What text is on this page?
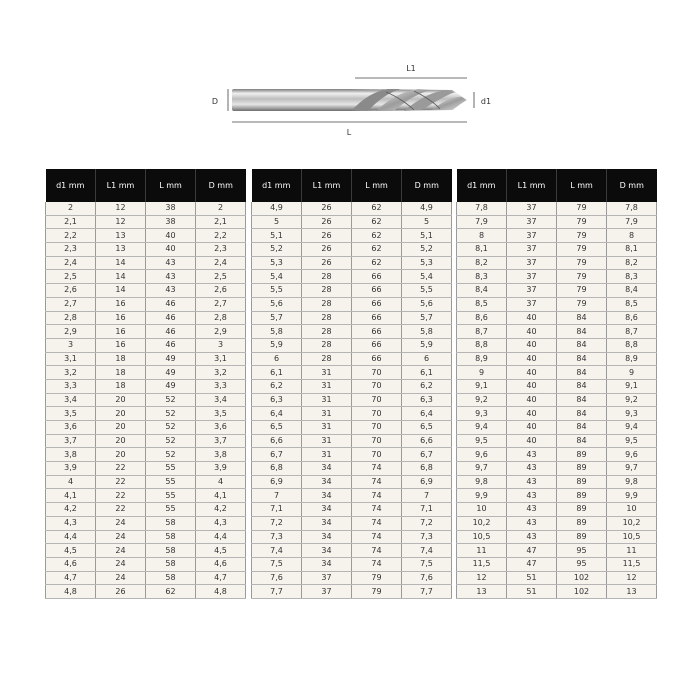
L1
D	d1
L
d1 mm	L1 mm	L mm	D mm
2	12	38	2
2,1	12	38	2,1
2,2	13	40	2,2
2,3	13	40	2,3
2,4	14	43	2,4
2,5	14	43	2,5
2,6	14	43	2,6
2,7	16	46	2,7
2,8	16	46	2,8
2,9	16	46	2,9
3	16	46	3
3,1	18	49	3,1
3,2	18	49	3,2
3,3	18	49	3,3
3,4	20	52	3,4
3,5	20	52	3,5
3,6	20	52	3,6
3,7	20	52	3,7
3,8	20	52	3,8
3,9	22	55	3,9
4	22	55	4
4,1	22	55	4,1
4,2	22	55	4,2
4,3	24	58	4,3
4,4	24	58	4,4
4,5	24	58	4,5
4,6	24	58	4,6
4,7	24	58	4,7
4,8	26	62	4,8
d1 mm	L1 mm	L mm	D mm
4,9	26	62	4,9
5	26	62	5
5,1	26	62	5,1
5,2	26	62	5,2
5,3	26	62	5,3
5,4	28	66	5,4
5,5	28	66	5,5
5,6	28	66	5,6
5,7	28	66	5,7
5,8	28	66	5,8
5,9	28	66	5,9
6	28	66	6
6,1	31	70	6,1
6,2	31	70	6,2
6,3	31	70	6,3
6,4	31	70	6,4
6,5	31	70	6,5
6,6	31	70	6,6
6,7	31	70	6,7
6,8	34	74	6,8
6,9	34	74	6,9
7	34	74	7
7,1	34	74	7,1
7,2	34	74	7,2
7,3	34	74	7,3
7,4	34	74	7,4
7,5	34	74	7,5
7,6	37	79	7,6
7,7	37	79	7,7
d1 mm	L1 mm	L mm	D mm
7,8	37	79	7,8
7,9	37	79	7,9
8	37	79	8
8,1	37	79	8,1
8,2	37	79	8,2
8,3	37	79	8,3
8,4	37	79	8,4
8,5	37	79	8,5
8,6	40	84	8,6
8,7	40	84	8,7
8,8	40	84	8,8
8,9	40	84	8,9
9	40	84	9
9,1	40	84	9,1
9,2	40	84	9,2
9,3	40	84	9,3
9,4	40	84	9,4
9,5	40	84	9,5
9,6	43	89	9,6
9,7	43	89	9,7
9,8	43	89	9,8
9,9	43	89	9,9
10	43	89	10
10,2	43	89	10,2
10,5	43	89	10,5
11	47	95	11
11,5	47	95	11,5
12	51	102	12
13	51	102	13
